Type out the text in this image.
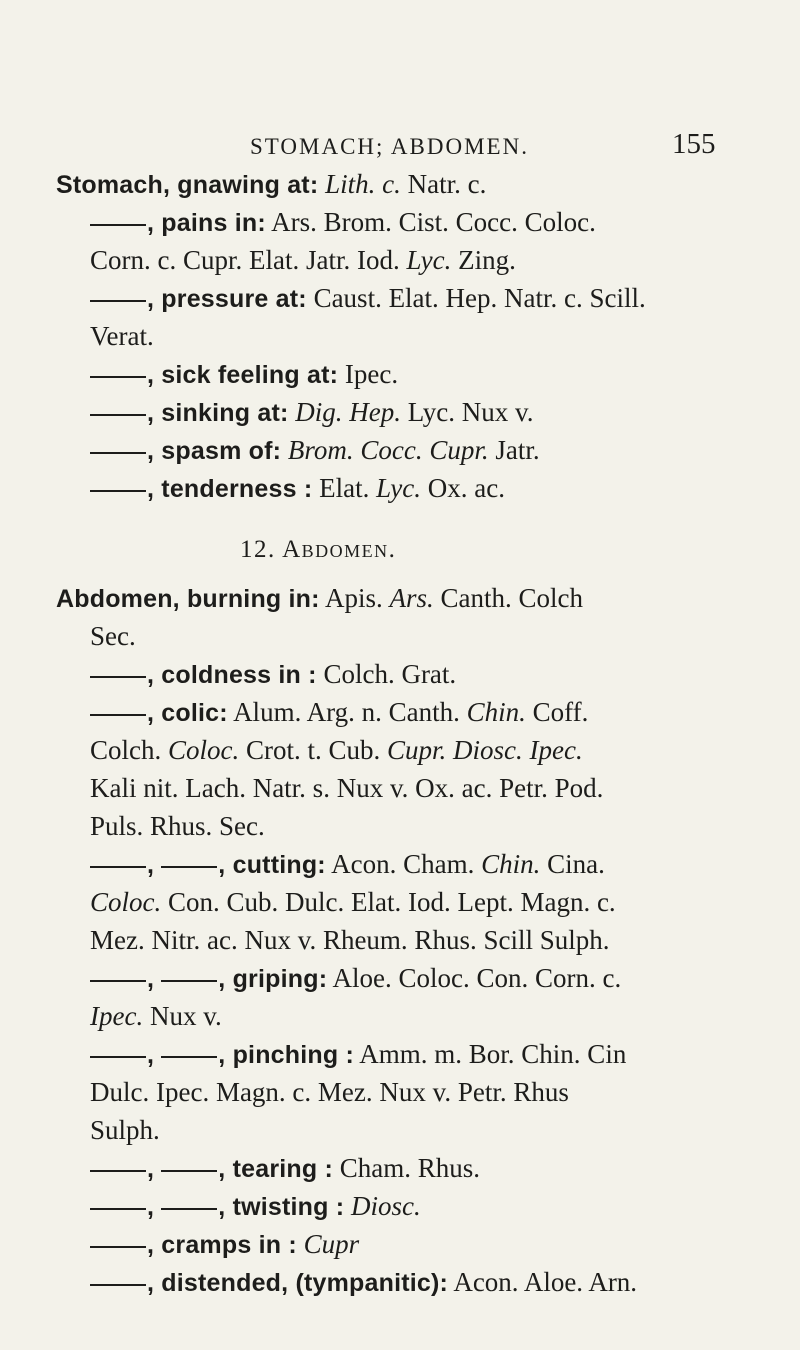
STOMACH; ABDOMEN.	155
Stomach, gnawing at: Lith. c. Natr. c.
, pains in: Ars. Brom. Cist. Cocc. Coloc.
Corn. c. Cupr. Elat. Jatr. Iod. Lyc. Zing.
, pressure at: Caust. Elat. Hep. Natr. c. Scill.
Verat.
, sick feeling at: Ipec.
, sinking at: Dig. Hep. Lyc. Nux v.
, spasm of: Brom. Cocc. Cupr. Jatr.
, tenderness : Elat. Lyc. Ox. ac.
12. Abdomen.
Abdomen, burning in: Apis. Ars. Canth. Colch
Sec.
, coldness in : Colch. Grat.
, colic: Alum. Arg. n. Canth. Chin. Coff.
Colch. Coloc. Crot. t. Cub. Cupr. Diosc. Ipec.
Kali nit. Lach. Natr. s. Nux v. Ox. ac. Petr. Pod.
Puls. Rhus. Sec.
, , cutting: Acon. Cham. Chin. Cina.
Coloc. Con. Cub. Dulc. Elat. Iod. Lept. Magn. c.
Mez. Nitr. ac. Nux v. Rheum. Rhus. Scill Sulph.
, , griping: Aloe. Coloc. Con. Corn. c.
Ipec. Nux v.
, , pinching : Amm. m. Bor. Chin. Cin
Dulc. Ipec. Magn. c. Mez. Nux v. Petr. Rhus
Sulph.
, , tearing : Cham. Rhus.
, , twisting : Diosc.
, cramps in : Cupr
, distended, (tympanitic): Acon. Aloe. Arn.
